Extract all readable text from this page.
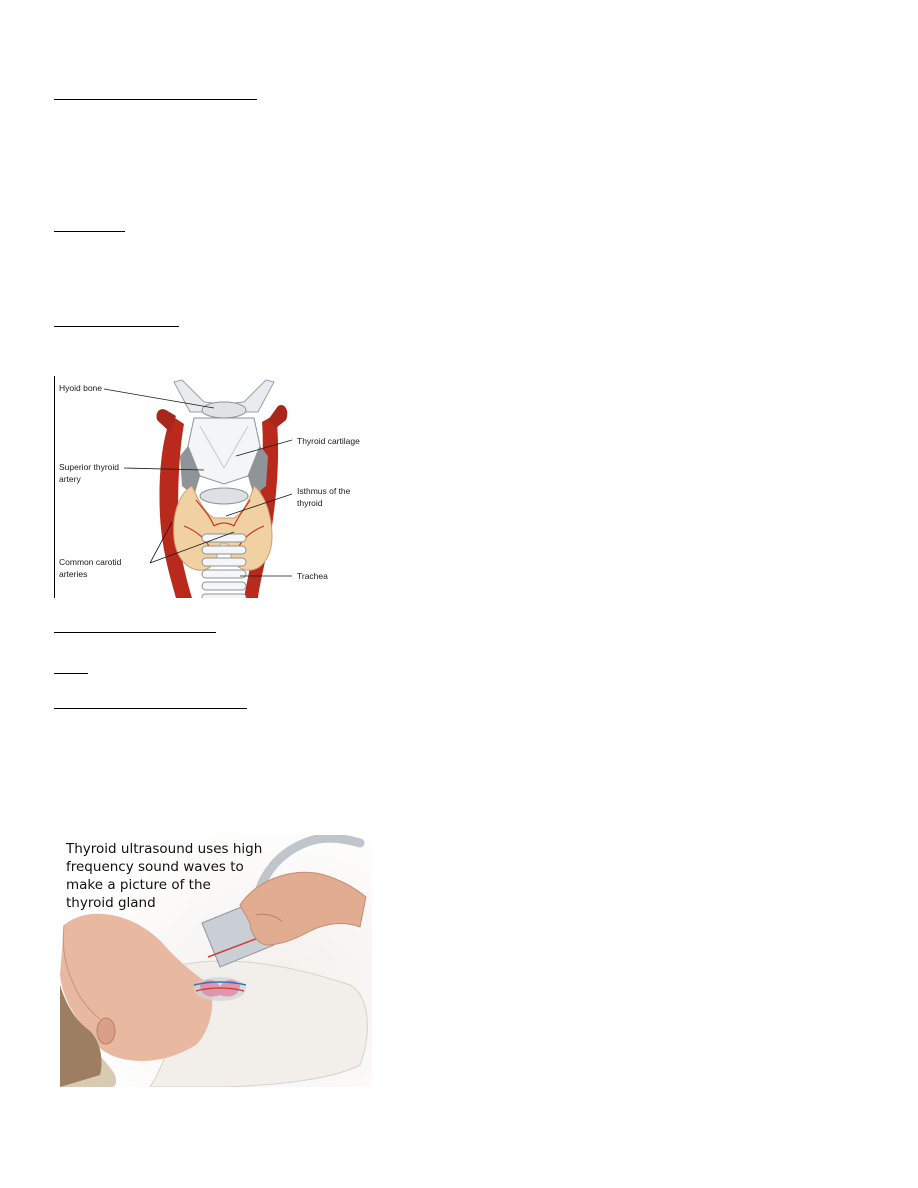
Hyoid bone
Thyroid cartilage
Superior thyroid
artery
Isthmus of the
thyroid
Common carotid
arteries	Trachea
Thyroid ultrasound uses high
frequency sound waves to
make a picture of the
thyroid gland
